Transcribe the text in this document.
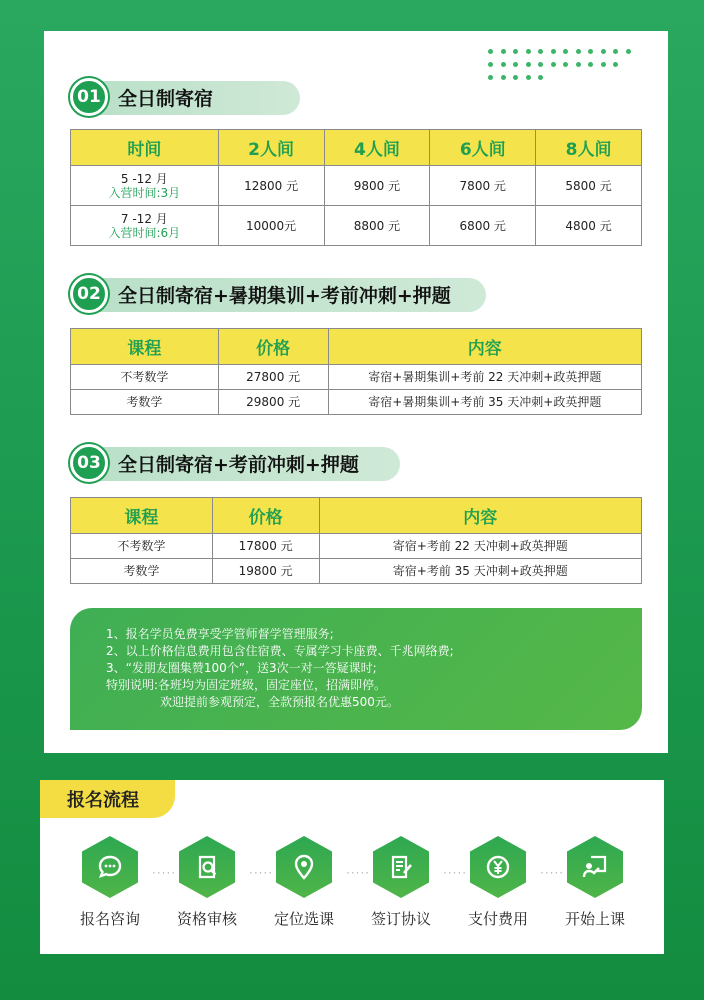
01 全日制寄宿
时间	2人间	4人间	6人间	8人间
5 -12 月
入营时间:3月	12800 元	9800 元	7800 元	5800 元
7 -12 月
入营时间:6月	10000元	8800 元	6800 元	4800 元
02 全日制寄宿+暑期集训+考前冲刺+押题
课程	价格	内容
不考数学	27800 元	寄宿+暑期集训+考前 22 天冲刺+政英押题
考数学	29800 元	寄宿+暑期集训+考前 35 天冲刺+政英押题
03 全日制寄宿+考前冲刺+押题
课程	价格	内容
不考数学	17800 元	寄宿+考前 22 天冲刺+政英押题
考数学	19800 元	寄宿+考前 35 天冲刺+政英押题
1、报名学员免费享受学管师督学管理服务;
2、以上价格信息费用包含住宿费、专属学习卡座费、千兆网络费;
3、“发朋友圈集赞100个”，送3次一对一答疑课时;
特别说明:各班均为固定班级，固定座位，招满即停。
欢迎提前参观预定，全款预报名优惠500元。
报名流程
报名咨询
·····
资格审核
·····
定位选课
·····
签订协议
·····
支付费用
·····
开始上课
